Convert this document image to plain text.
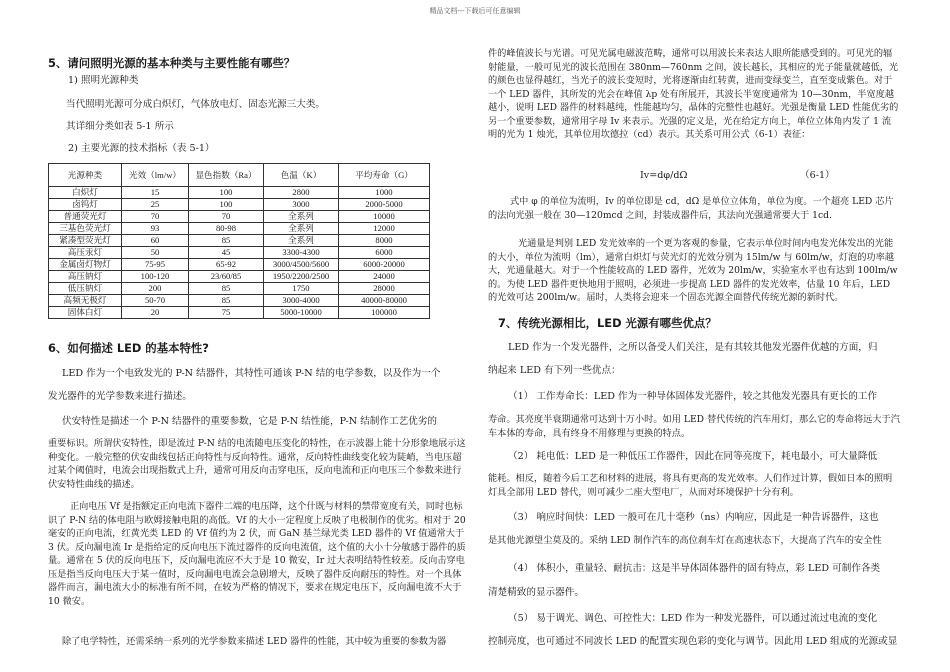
精品文档---下载后可任意编辑
5、请问照明光源的基本种类与主要性能有哪些？
1) 照明光源种类
当代照明光源可分成白炽灯，气体放电灯、固态光源三大类。
其详细分类如表 5-1 所示
2) 主要光源的技术指标（表 5-1）
光源种类	光效（lm/w）	显色指数（Ra）	色温（K）	平均寿命（G）
白炽灯	15	100	2800	1000
卤钨灯	25	100	3000	2000-5000
普通荧光灯	70	70	全系列	10000
三基色荧光灯	93	80-98	全系列	12000
紧凑型荧光灯	60	85	全系列	8000
高压汞灯	50	45	3300-4300	6000
金属卤灯物灯	75-95	65-92	3000/4500/5600	6000-20000
高压钠灯	100-120	23/60/85	1950/2200/2500	24000
低压钠灯	200	85	1750	28000
高频无极灯	50-70	85	3000-4000	40000-80000
固体白灯	20	75	5000-10000	100000
6、如何描述 LED 的基本特性?
LED 作为一个电致发光的 P-N 结器件，其特性可通该 P-N 结的电学参数，以及作为一个
发光器件的光学参数来进行描述。
伏安特性是描述一个 P-N 结器件的重要参数，它是 P-N 结性能，P-N 结制作工艺优劣的
重要标识。所谓伏安特性，即是流过 P-N 结的电流随电压变化的特性，在示波器上能十分形象地展示这种变化。一般完整的伏安曲线包括正向特性与反向特性。通常，反向特性曲线变化较为陡峭，当电压超过某个阈值时，电流会出现指数式上升，通常可用反向击穿电压，反向电流和正向电压三个参数来进行伏安特性曲线的描述。
正向电压 Vf 是指额定正向电流下器件二端的电压降，这个什既与材料的禁带宽度有关，同时也标识了 P-N 结的体电阻与欧姆接触电阻的高低。Vf 的大小一定程度上反映了电极制作的优劣。相对于 20 毫安的正向电流，红黄光类 LED 的 Vf 值约为 2 伏，而 GaN 基兰绿光类 LED 器件的 Vf 值通常大于 3 伏。反向漏电流 Ir 是指给定的反向电压下流过器件的反向电流值，这个值的大小十分敏感于器件的质量。通常在 5 伏的反向电压下，反向漏电流应不大于是 10 微安，Ir 过大表明结特性较差。反向击穿电压是指当反向电压大于某一值时，反向漏电电流会急剧增大，反映了器件反向耐压的特性。对一个具体器件而言，漏电流大小的标准有所不同，在较为严格的情况下，要求在规定电压下，反向漏电流不大于 10 微安。
除了电学特性，还需采纳一系列的光学参数来描述 LED 器件的性能，其中较为重要的参数为器
件的峰值波长与光谱。可见光属电磁波范畴，通常可以用波长来表达人眼所能感受到的。可见光的辐射能量，一般可见光的波长范围在 380nm—760nm 之间，波长越长，其相应的光子能量就越低，光的颜色也显得越红，当光子的波长变短时，光将逐渐由红转黄，进而变绿变兰，直至变成紫色。对于一个 LED 器件，其所发的光会在峰值 λp 处有所展开，其波长半宽度通常为 10—30nm，半宽度越越小，说明 LED 器件的材料越纯，性能越均匀，晶体的完整性也越好。光强是衡量 LED 性能优劣的另一个重要参数，通常用字母 Iv 来表示。光强的定义是，光在给定方向上，单位立体角内发了 1 流明的光为 1 烛光，其单位用坎德拉（cd）表示。其关系可用公式（6-1）表征：
Iv=dφ/dΩ	（6-1）
式中 φ 的单位为流明，Iv 的单位即是 cd，dΩ 是单位立体角，单位为度。一个超亮 LED 芯片的法向光强一般在 30—120mcd 之间，封装成器件后，其法向光强通常要大于 1cd.
光通量是判别 LED 发光效率的一个更为客观的参量，它表示单位时间内电发光体发出的光能的大小，单位为流明（lm），通常白炽灯与荧光灯的光效分别为 15lm/w 与 60lm/w，灯泡的功率越大，光通量越大。对于一个性能较高的 LED 器件，光效为 20lm/w，实验室水平也有达到 100lm/w 的。为使 LED 器件更快地用于照明，必须进一步提高 LED 器件的发光效率，估量 10 年后，LED 的光效可达 200lm/w。届时，人类将会迎来一个固态光源全面替代传统光源的新时代。
7、传统光源相比，LED 光源有哪些优点？
LED 作为一个发光器件，之所以备受人们关注，是有其较其他发光器件优越的方面，归
纳起来 LED 有下列一些优点：
（1） 工作寿命长：LED 作为一种导体固体发光器件，较之其他发光器具有更长的工作
寿命。其亮度半衰期通常可达到十万小时。如用 LED 替代传统的汽车用灯，那么它的寿命将远大于汽车本体的寿命，具有终身不用修理与更换的特点。
（2） 耗电低：LED 是一种低压工作器件，因此在同等亮度下，耗电最小，可大量降低
能耗。相反，随着今后工艺和材料的进展，将具有更高的发光效率。人们作过计算，假如日本的照明灯具全部用 LED 替代，则可减少二座大型电厂，从而对环境保护十分有利。
（3） 响应时间快：LED 一般可在几十毫秒（ns）内响应，因此是一种告诉器件，这也
是其他光源望尘莫及的。采纳 LED 制作汽车的高位刹车灯在高速状态下，大提高了汽车的安全性
（4） 体积小，重量轻、耐抗击：这是半导体固体器件的固有特点，彩 LED 可制作各类
清楚精致的显示器件。
（5） 易于调光、调色、可控性大：LED 作为一种发光器件，可以通过流过电流的变化
控制亮度，也可通过不同波长 LED 的配置实现色彩的变化与调节。因此用 LED 组成的光源或显
